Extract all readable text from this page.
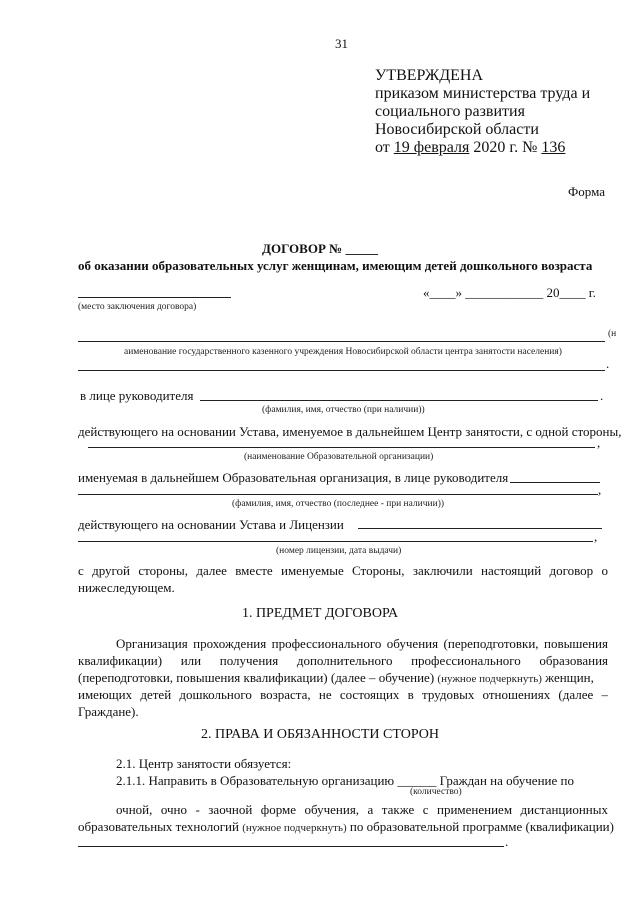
31
УТВЕРЖДЕНА
приказом министерства труда и
социального развития
Новосибирской области
от 19 февраля 2020 г. № 136
Форма
ДОГОВОР № _____
об оказании образовательных услуг женщинам, имеющим детей дошкольного возраста
(место заключения договора)
«____» ____________ 20____ г.
(н
аименование государственного казенного учреждения Новосибирской области центра занятости населения)
.
в лице руководителя	.
(фамилия, имя, отчество (при наличии))
действующего на основании Устава, именуемое в дальнейшем Центр занятости, с одной стороны,
,
(наименование Образовательной организации)
именуемая в дальнейшем Образовательная организация, в лице руководителя
,
(фамилия, имя, отчество (последнее - при наличии))
действующего на основании Устава и Лицензии
,
(номер лицензии, дата выдачи)
с другой стороны, далее вместе именуемые Стороны, заключили настоящий договор о
нижеследующем.
1. ПРЕДМЕТ ДОГОВОРА
Организация прохождения профессионального обучения (переподготовки, повышения
квалификации) или получения дополнительного профессионального образования
(переподготовки, повышения квалификации) (далее – обучение) (нужное подчеркнуть) женщин,
имеющих детей дошкольного возраста, не состоящих в трудовых отношениях (далее –
Граждане).
2. ПРАВА И ОБЯЗАННОСТИ СТОРОН
2.1. Центр занятости обязуется:
2.1.1. Направить в Образовательную организацию ______ Граждан на обучение по
(количество)
очной, очно - заочной форме обучения, а также с применением дистанционных
образовательных технологий (нужное подчеркнуть) по образовательной программе (квалификации)
.
